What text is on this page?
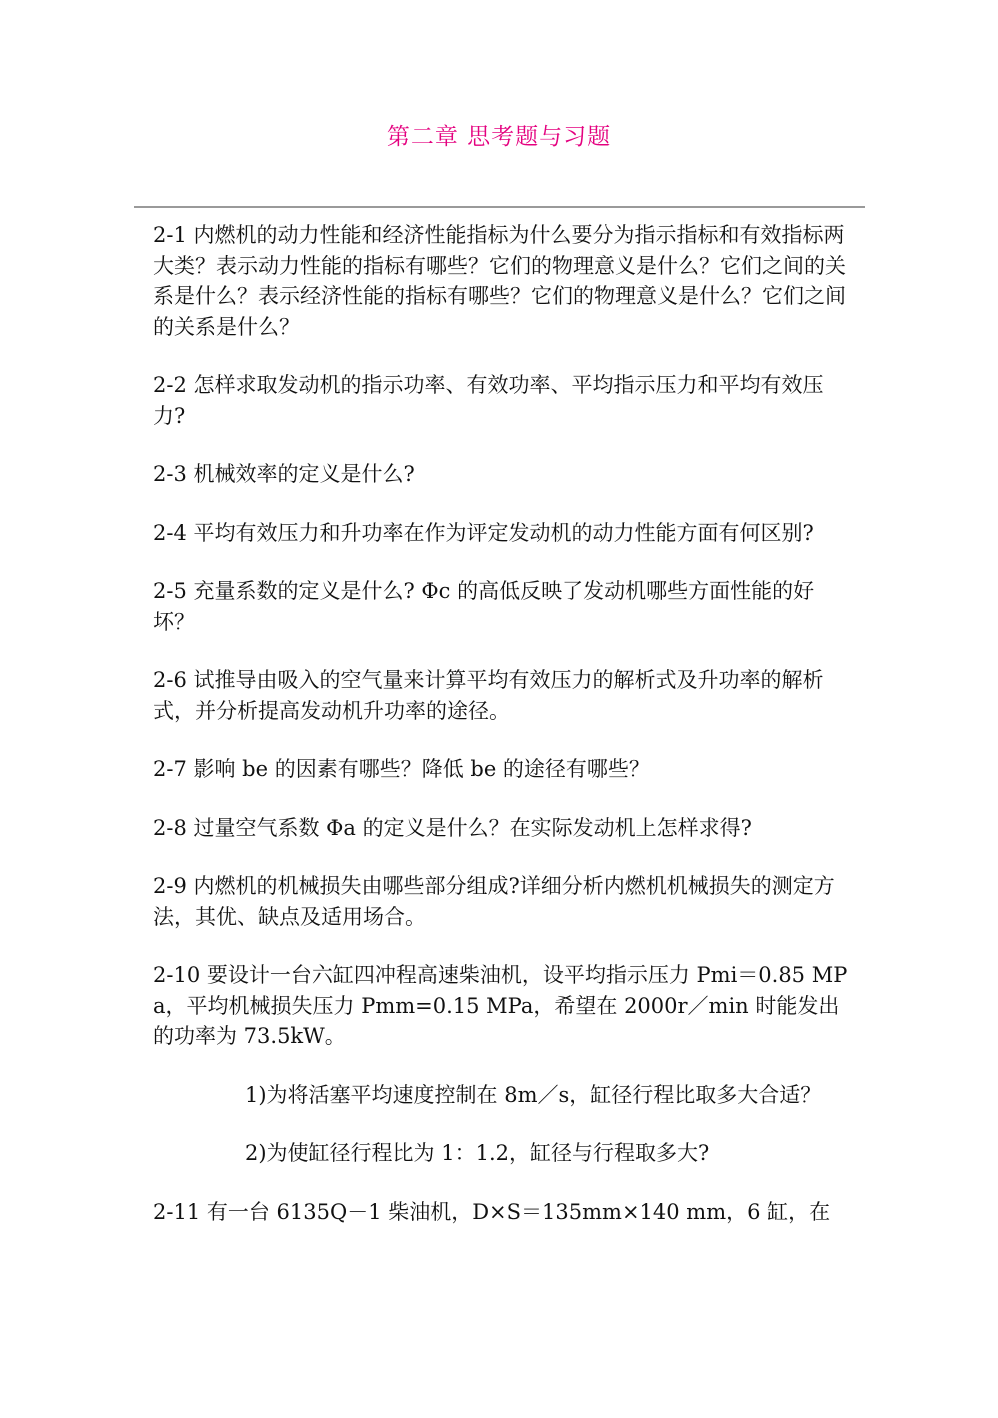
第二章 思考题与习题

2-1 内燃机的动力性能和经济性能指标为什么要分为指示指标和有效指标两大类？表示动力性能的指标有哪些？它们的物理意义是什么？它们之间的关系是什么？表示经济性能的指标有哪些？它们的物理意义是什么？它们之间的关系是什么？

2-2 怎样求取发动机的指示功率、有效功率、平均指示压力和平均有效压力?

2-3 机械效率的定义是什么?

2-4 平均有效压力和升功率在作为评定发动机的动力性能方面有何区别?

2-5 充量系数的定义是什么? Φc 的高低反映了发动机哪些方面性能的好坏？

2-6 试推导由吸入的空气量来计算平均有效压力的解析式及升功率的解析式，并分析提高发动机升功率的途径。

2-7 影响 be 的因素有哪些？降低 be 的途径有哪些？

2-8 过量空气系数 Φa 的定义是什么？在实际发动机上怎样求得?

2-9 内燃机的机械损失由哪些部分组成?详细分析内燃机机械损失的测定方法，其优、缺点及适用场合。

2-10 要设计一台六缸四冲程高速柴油机，设平均指示压力 Pmi＝0.85 MPa，平均机械损失压力 Pmm=0.15 MPa，希望在 2000r／min 时能发出的功率为 73.5kW。

1)为将活塞平均速度控制在 8m／s，缸径行程比取多大合适？

2)为使缸径行程比为 1：1.2，缸径与行程取多大?

2-11 有一台 6135Q－1 柴油机，D×S＝135mm×140 mm，6 缸，在
